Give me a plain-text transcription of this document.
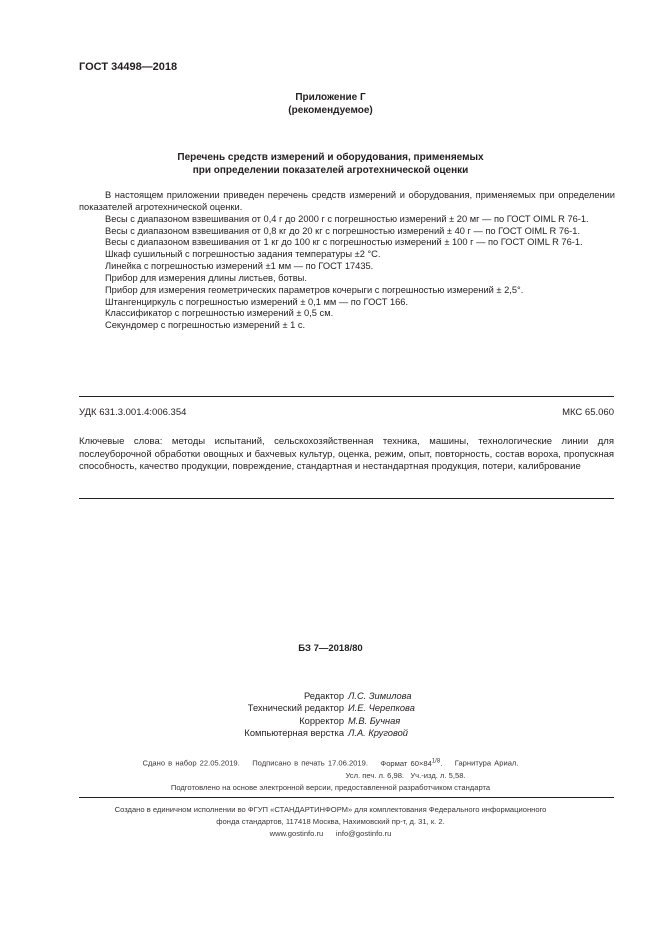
ГОСТ 34498—2018
Приложение Г
(рекомендуемое)
Перечень средств измерений и оборудования, применяемых
при определении показателей агротехнической оценки

В настоящем приложении приведен перечень средств измерений и оборудования, применяемых при определении показателей агротехнической оценки.

Весы с диапазоном взвешивания от 0,4 г до 2000 г с погрешностью измерений ± 20 мг — по ГОСТ OIML R 76-1.

Весы с диапазоном взвешивания от 0,8 кг до 20 кг с погрешностью измерений ± 40 г — по ГОСТ OIML R 76-1.

Весы с диапазоном взвешивания от 1 кг до 100 кг с погрешностью измерений ± 100 г — по ГОСТ OIML R 76-1.

Шкаф сушильный с погрешностью задания температуры ±2 °С.

Линейка с погрешностью измерений ±1 мм — по ГОСТ 17435.

Прибор для измерения длины листьев, ботвы.

Прибор для измерения геометрических параметров кочерыги с погрешностью измерений ± 2,5°.

Штангенциркуль с погрешностью измерений ± 0,1 мм — по ГОСТ 166.

Классификатор с погрешностью измерений ± 0,5 см.

Секундомер с погрешностью измерений ± 1 с.

УДК 631.3.001.4:006.354	МКС 65.060
Ключевые слова: методы испытаний, сельскохозяйственная техника, машины, технологические линии для послеуборочной обработки овощных и бахчевых культур, оценка, режим, опыт, повторность, состав вороха, пропускная способность, качество продукции, повреждение, стандартная и нестандартная продукция, потери, калибрование
БЗ 7—2018/80
Редактор Л.С. Зимилова
Технический редактор И.Е. Черепкова
Корректор М.В. Бучная
Компьютерная верстка Л.А. Круговой
Сдано в набор 22.05.2019. Подписано в печать 17.06.2019. Формат $60\times 84^{1/8}$. Гарнитура Ариал.
Усл. печ. л. 6,98.   Уч.-изд. л. 5,58.
Подготовлено на основе электронной версии, предоставленной разработчиком стандарта
Создано в единичном исполнении во ФГУП «СТАНДАРТИНФОРМ» для комплектования Федерального информационного
фонда стандартов, 117418 Москва, Нахимовский пр-т, д. 31, к. 2.
www.gostinfo.ru info@gostinfo.ru
